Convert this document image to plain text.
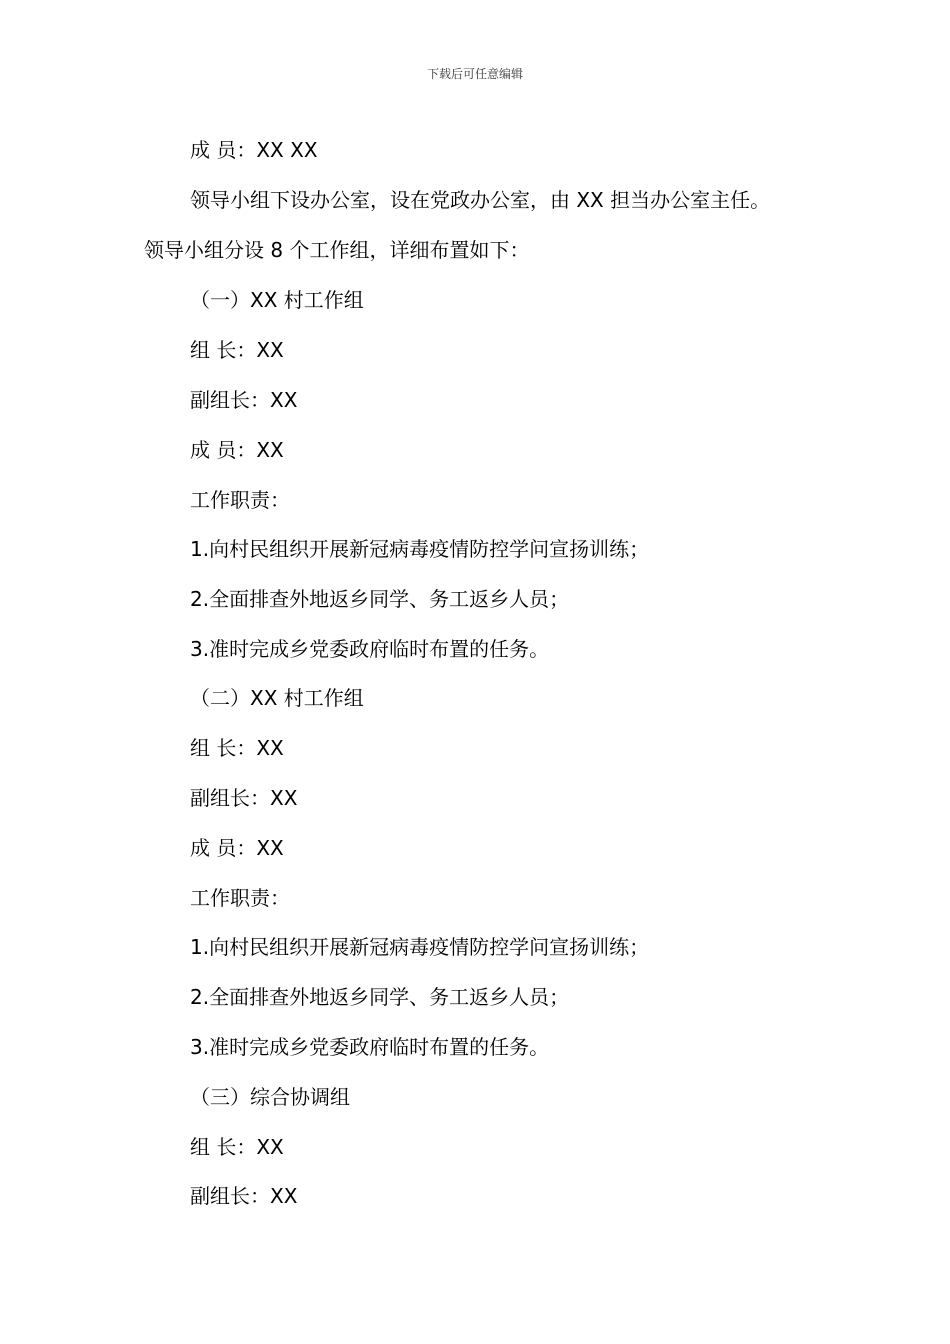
下载后可任意编辑
成 员：XX XX
领导小组下设办公室，设在党政办公室，由 XX 担当办公室主任。
领导小组分设 8 个工作组，详细布置如下：
（一）XX 村工作组
组 长：XX
副组长：XX
成 员：XX
工作职责：
1.向村民组织开展新冠病毒疫情防控学问宣扬训练；
2.全面排查外地返乡同学、务工返乡人员；
3.准时完成乡党委政府临时布置的任务。
（二）XX 村工作组
组 长：XX
副组长：XX
成 员：XX
工作职责：
1.向村民组织开展新冠病毒疫情防控学问宣扬训练；
2.全面排查外地返乡同学、务工返乡人员；
3.准时完成乡党委政府临时布置的任务。
（三）综合协调组
组 长：XX
副组长：XX
